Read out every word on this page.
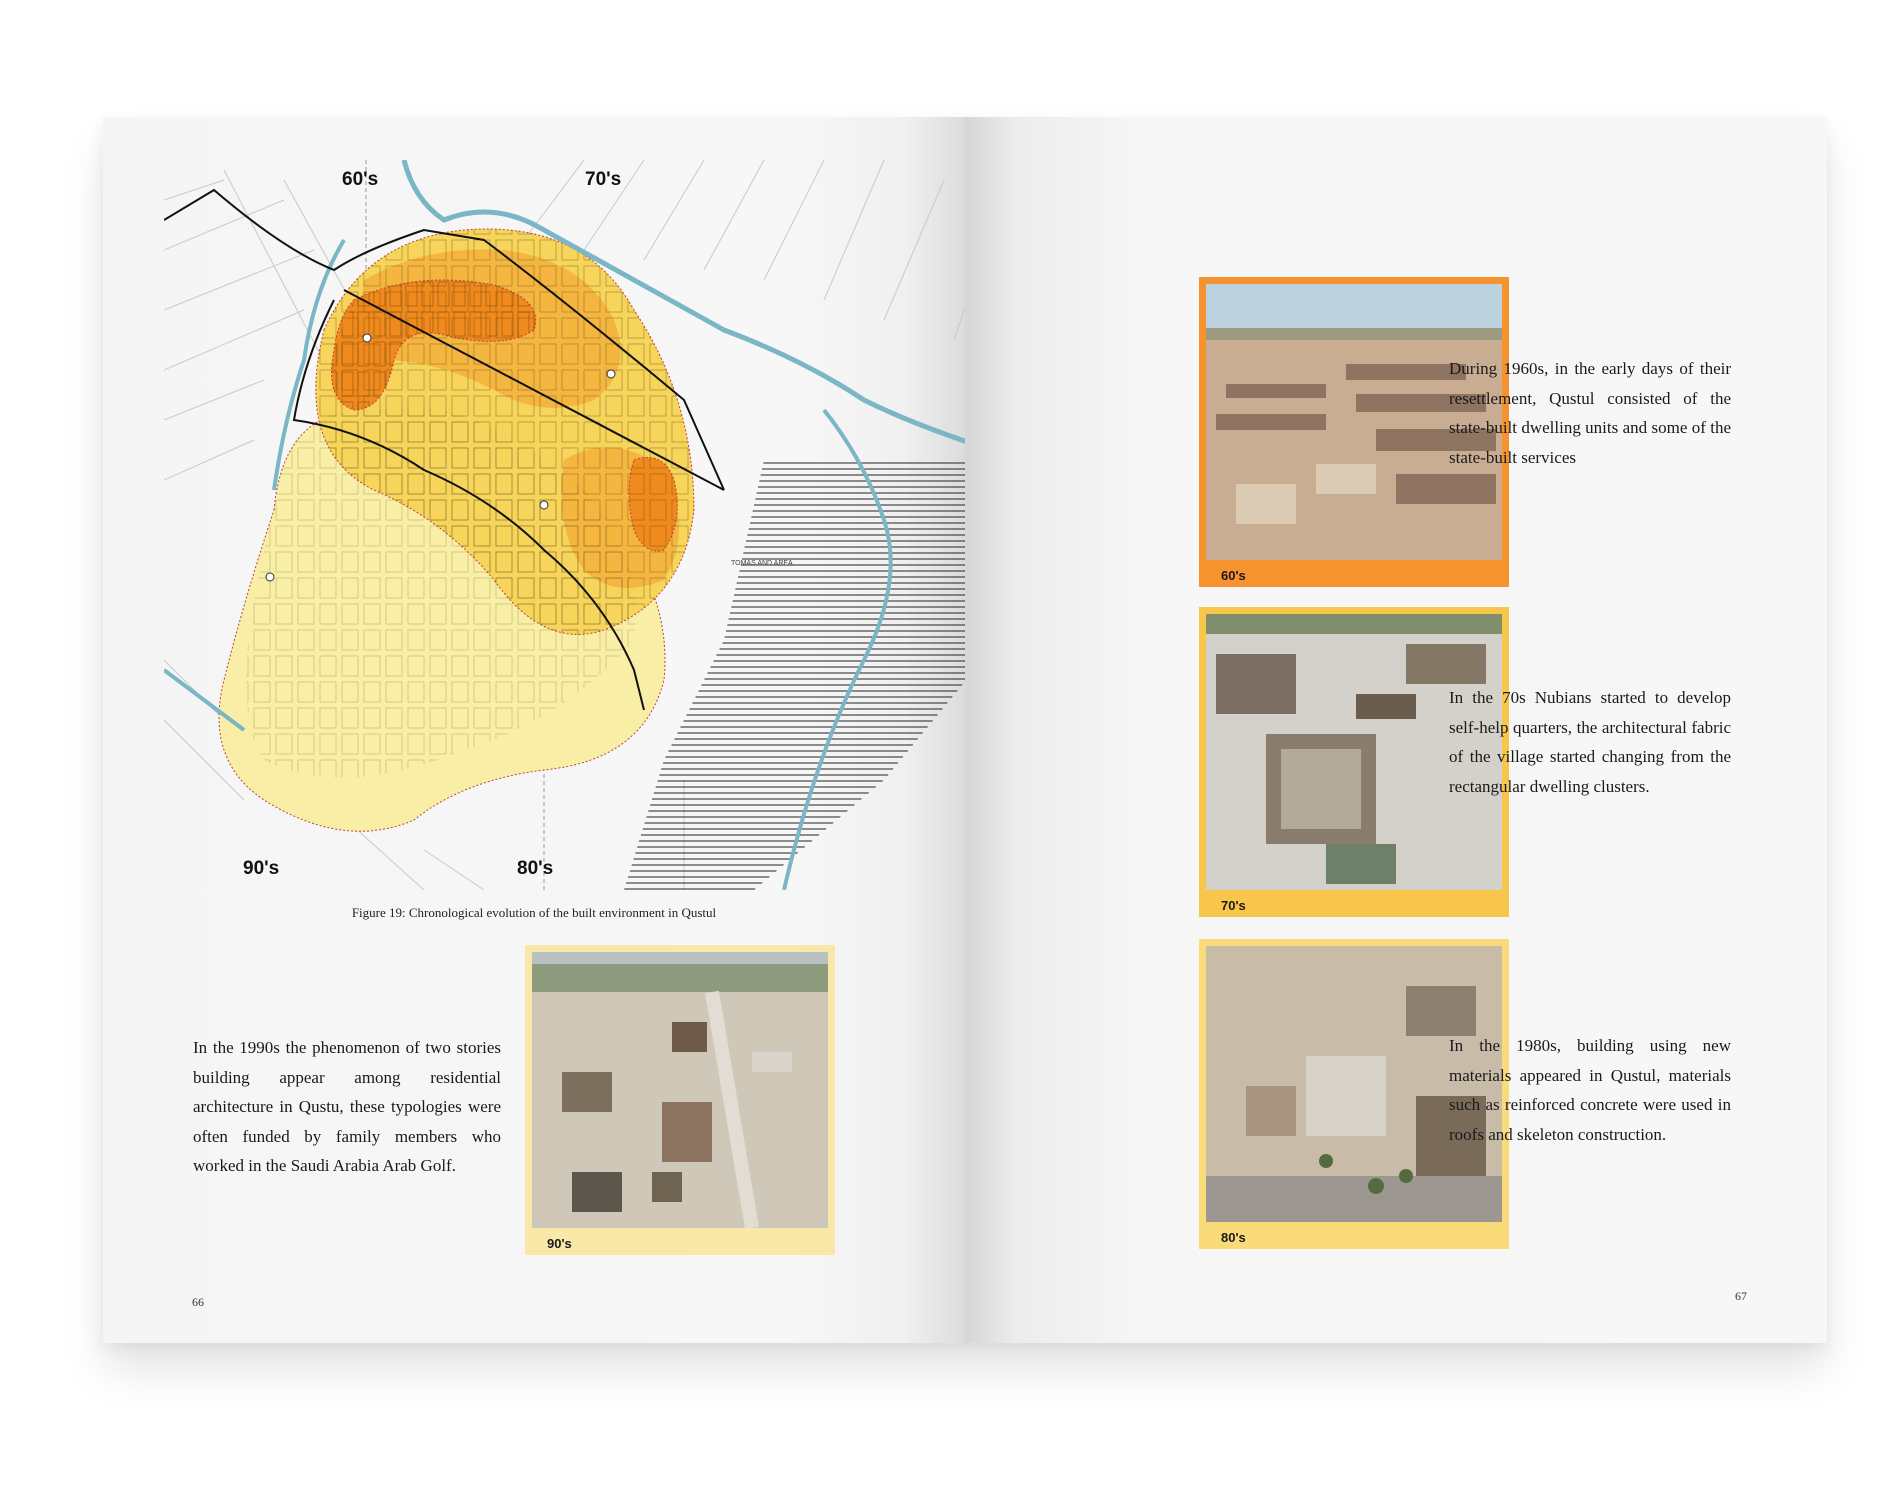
TOMAS AND AREA
60's	70's
90's	80's
Figure 19: Chronological evolution of the built environment in Qustul
In the 1990s the phenomenon of two stories building appear among residential architecture in Qustu, these typologies were often funded by family members who worked in the Saudi Arabia Arab Golf.
90's
66
60's
During 1960s, in the early days of their resettlement, Qustul consisted of the state-built dwelling units and some of the state-built services
70's
In the 70s Nubians started to develop self-help quarters, the architectural fabric of the village started changing from the rectangular dwelling clusters.
80's
In the 1980s, building using new materials appeared in Qustul, materials such as reinforced concrete were used in roofs and skeleton construction.
67
